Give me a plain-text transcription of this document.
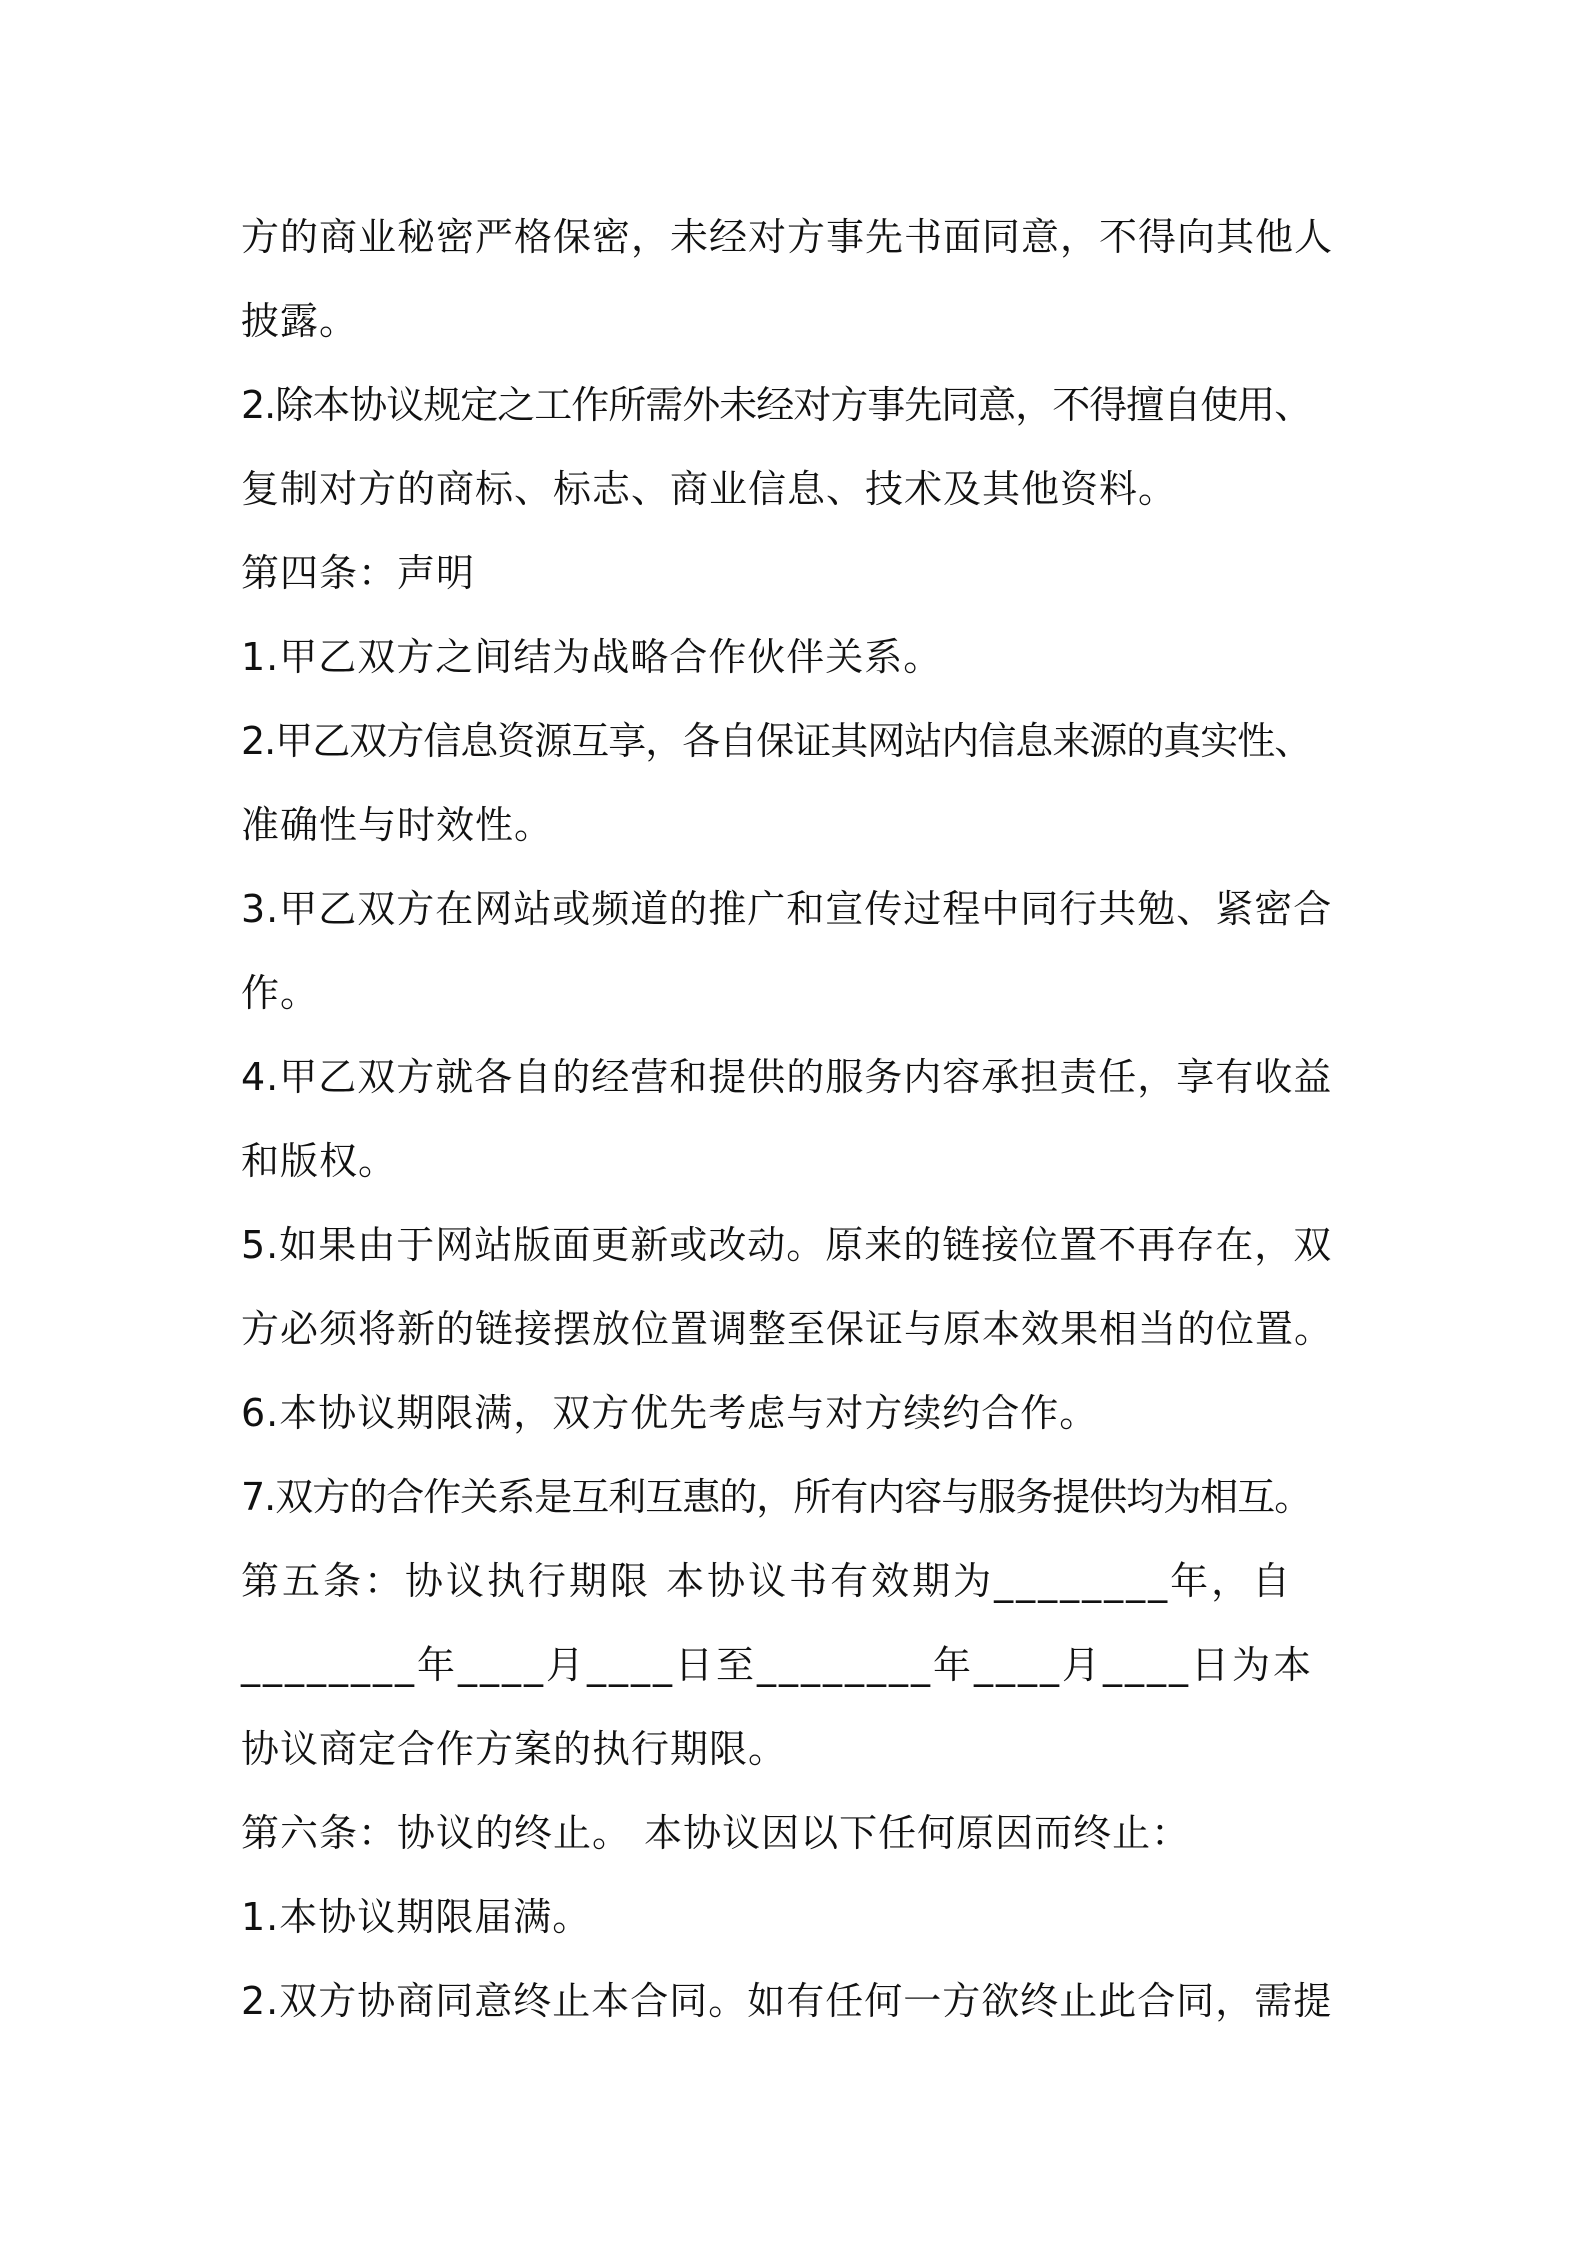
方的商业秘密严格保密，未经对方事先书面同意，不得向其他人
披露。
2.除本协议规定之工作所需外未经对方事先同意，不得擅自使用、
复制对方的商标、标志、商业信息、技术及其他资料。
第四条：声明
1.甲乙双方之间结为战略合作伙伴关系。
2.甲乙双方信息资源互享，各自保证其网站内信息来源的真实性、
准确性与时效性。
3.甲乙双方在网站或频道的推广和宣传过程中同行共勉、紧密合
作。
4.甲乙双方就各自的经营和提供的服务内容承担责任，享有收益
和版权。
5.如果由于网站版面更新或改动。原来的链接位置不再存在，双
方必须将新的链接摆放位置调整至保证与原本效果相当的位置。
6.本协议期限满，双方优先考虑与对方续约合作。
7.双方的合作关系是互利互惠的，所有内容与服务提供均为相互。
第五条：协议执行期限 本协议书有效期为________年，自
________年____月____日至________年____月____日为本
协议商定合作方案的执行期限。
第六条：协议的终止。 本协议因以下任何原因而终止：
1.本协议期限届满。
2.双方协商同意终止本合同。如有任何一方欲终止此合同，需提
